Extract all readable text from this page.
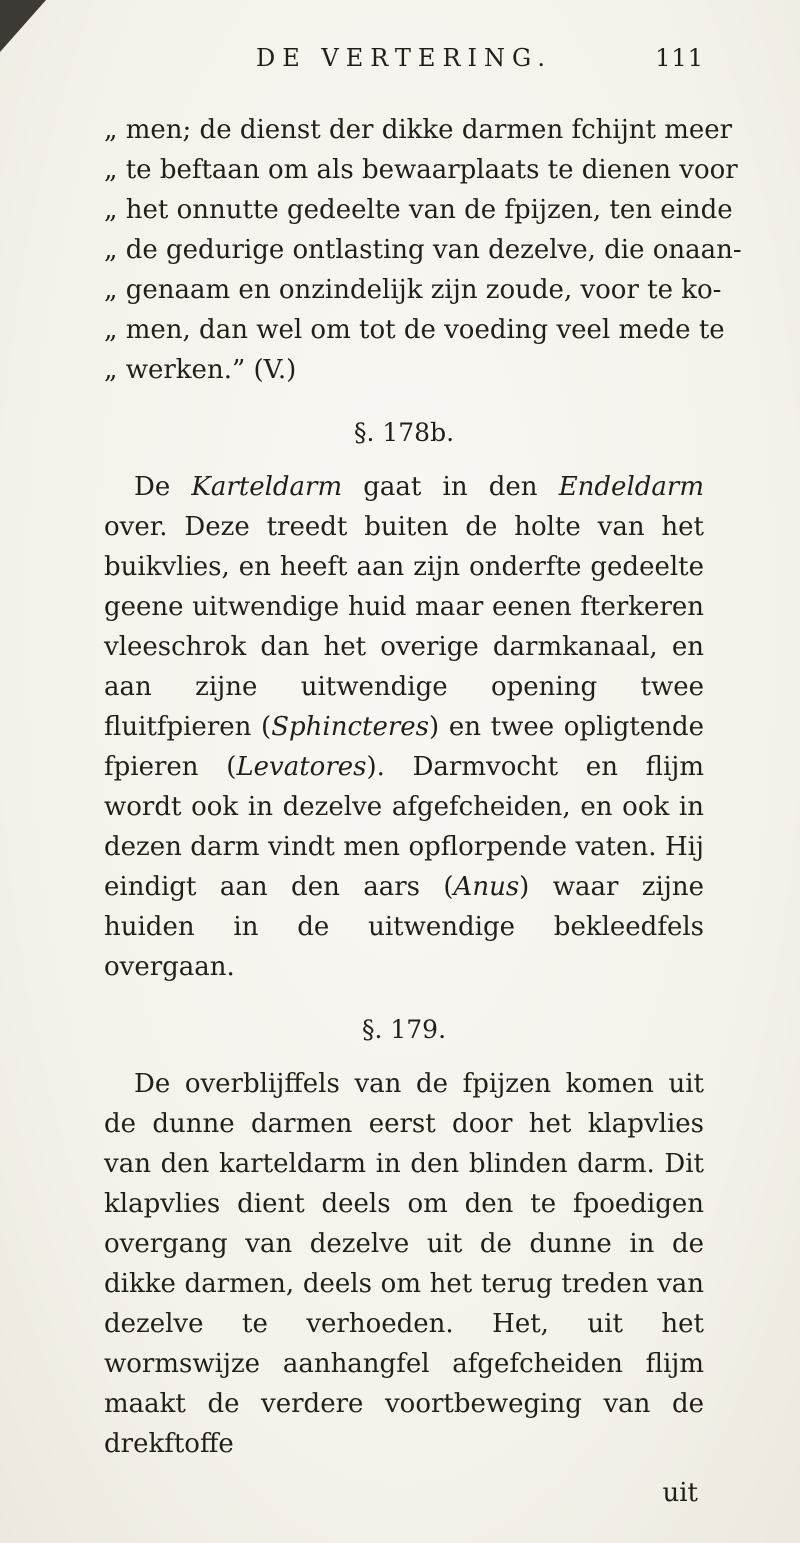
DE VERTERING.	111
„ men; de dienst der dikke darmen fchijnt meer
„ te beftaan om als bewaarplaats te dienen voor
„ het onnutte gedeelte van de fpijzen, ten einde
„ de gedurige ontlasting van dezelve, die onaan-
„ genaam en onzindelijk zijn zoude, voor te ko-
„ men, dan wel om tot de voeding veel mede te
„ werken.” (V.)
§. 178b.

De Karteldarm gaat in den Endeldarm over. Deze treedt buiten de holte van het buikvlies, en heeft aan zijn onderfte gedeelte geene uitwendige huid maar eenen fterkeren vleeschrok dan het overige darmkanaal, en aan zijne uitwendige opening twee fluitfpieren (Sphincteres) en twee opligtende fpieren (Levatores). Darmvocht en flijm wordt ook in dezelve afgefcheiden, en ook in dezen darm vindt men opflorpende vaten. Hij eindigt aan den aars (Anus) waar zijne huiden in de uitwendige bekleedfels overgaan.

§. 179.

De overblijffels van de fpijzen komen uit de dunne darmen eerst door het klapvlies van den karteldarm in den blinden darm. Dit klapvlies dient deels om den te fpoedigen overgang van dezelve uit de dunne in de dikke darmen, deels om het terug treden van dezelve te verhoeden. Het, uit het wormswijze aanhangfel afgefcheiden flijm maakt de verdere voortbeweging van de drekftoffe

uit
